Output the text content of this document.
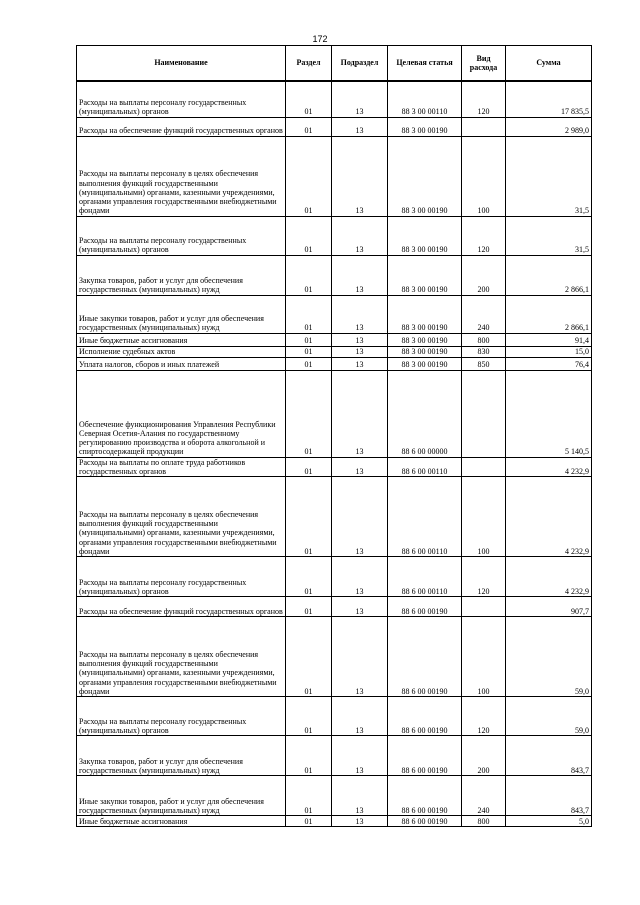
172
Наименование	Раздел	Подраздел	Целевая статья	Вид расхода	Сумма
Расходы на выплаты персоналу государственных (муниципальных) органов	01	13	88 3 00 00110	120	17 835,5
Расходы на обеспечение функций государственных органов	01	13	88 3 00 00190		2 989,0
Расходы на выплаты персоналу в целях обеспечения выполнения функций государственными (муниципальными) органами, казенными учреждениями, органами управления государственными внебюджетными фондами	01	13	88 3 00 00190	100	31,5
Расходы на выплаты персоналу государственных (муниципальных) органов	01	13	88 3 00 00190	120	31,5
Закупка товаров, работ и услуг для обеспечения государственных (муниципальных) нужд	01	13	88 3 00 00190	200	2 866,1
Иные закупки товаров, работ и услуг для обеспечения государственных (муниципальных) нужд	01	13	88 3 00 00190	240	2 866,1
Иные бюджетные ассигнования	01	13	88 3 00 00190	800	91,4
Исполнение судебных актов	01	13	88 3 00 00190	830	15,0
Уплата налогов, сборов и иных платежей	01	13	88 3 00 00190	850	76,4
Обеспечение функционирования Управления Республики Северная Осетия-Алания по государственному регулированию производства и оборота алкогольной и спиртосодержащей продукции	01	13	88 6 00 00000		5 140,5
Расходы на выплаты по оплате труда работников государственных органов	01	13	88 6 00 00110		4 232,9
Расходы на выплаты персоналу в целях обеспечения выполнения функций государственными (муниципальными) органами, казенными учреждениями, органами управления государственными внебюджетными фондами	01	13	88 6 00 00110	100	4 232,9
Расходы на выплаты персоналу государственных (муниципальных) органов	01	13	88 6 00 00110	120	4 232,9
Расходы на обеспечение функций государственных органов	01	13	88 6 00 00190		907,7
Расходы на выплаты персоналу в целях обеспечения выполнения функций государственными (муниципальными) органами, казенными учреждениями, органами управления государственными внебюджетными фондами	01	13	88 6 00 00190	100	59,0
Расходы на выплаты персоналу государственных (муниципальных) органов	01	13	88 6 00 00190	120	59,0
Закупка товаров, работ и услуг для обеспечения государственных (муниципальных) нужд	01	13	88 6 00 00190	200	843,7
Иные закупки товаров, работ и услуг для обеспечения государственных (муниципальных) нужд	01	13	88 6 00 00190	240	843,7
Иные бюджетные ассигнования	01	13	88 6 00 00190	800	5,0
